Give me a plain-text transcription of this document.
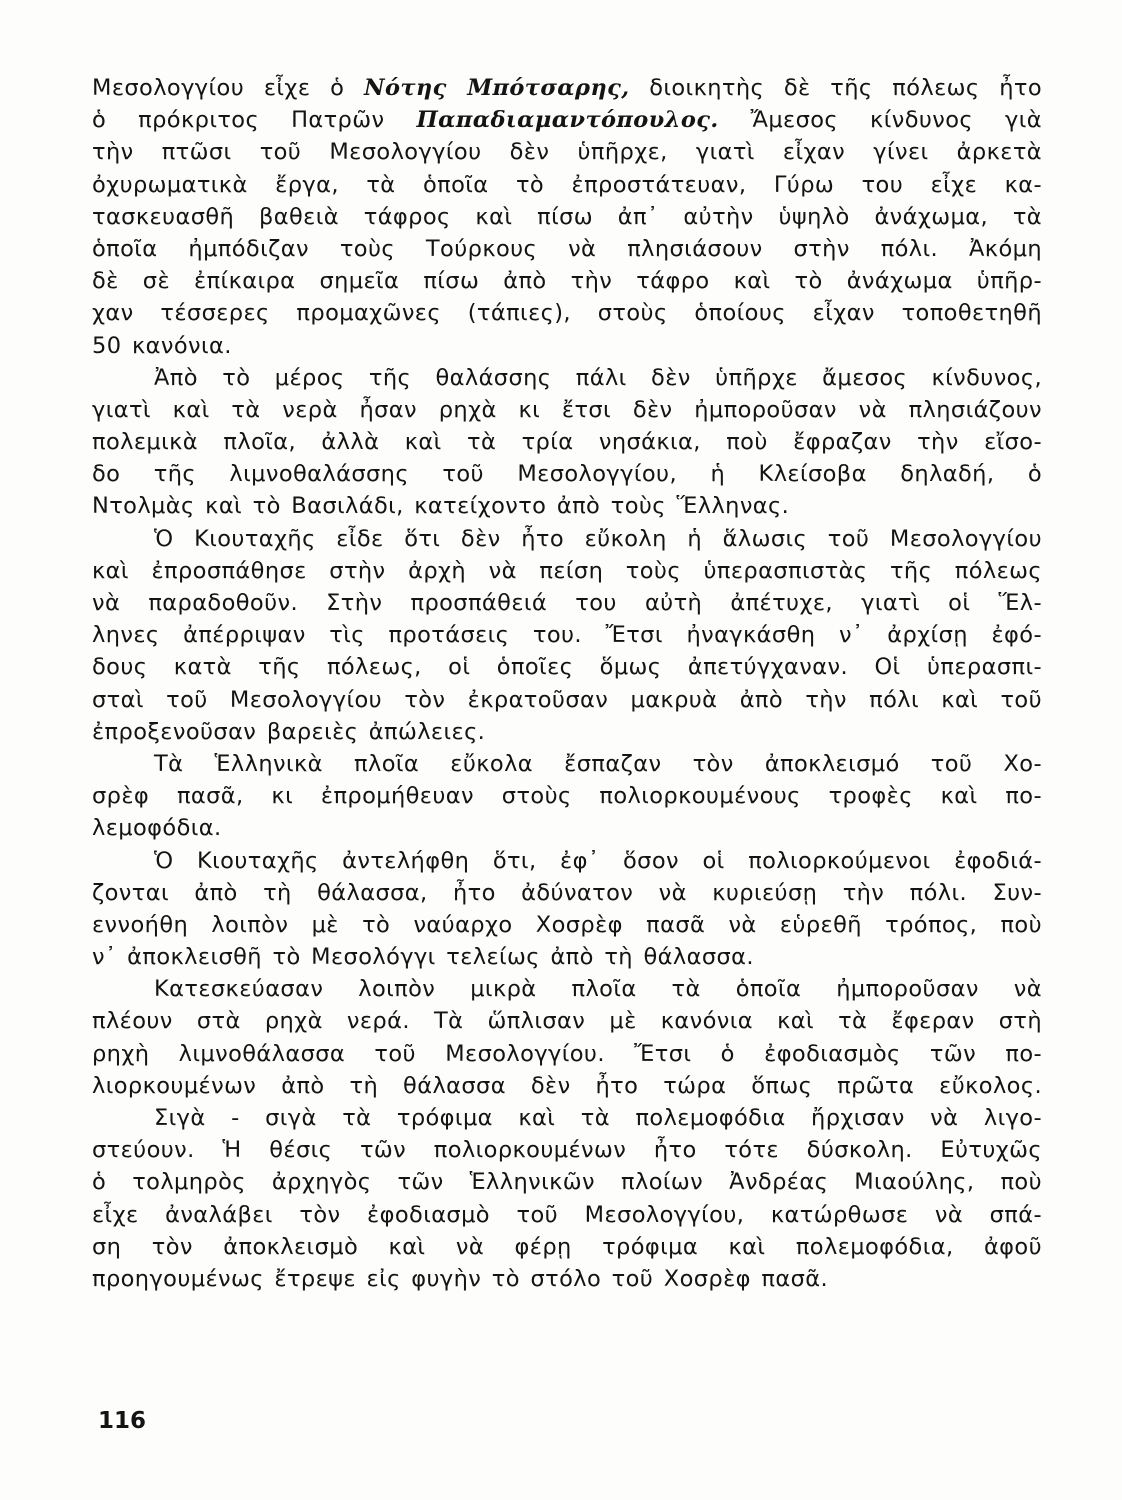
Μεσολογγίου εἶχε ὁ Νότης Μπότσαρης, διοικητὴς δὲ τῆς πόλεως ἦτο
ὁ πρόκριτος Πατρῶν Παπαδιαμαντόπουλος. Ἄμεσος κίνδυνος γιὰ
τὴν πτῶσι τοῦ Μεσολογγίου δὲν ὑπῆρχε, γιατὶ εἶχαν γίνει ἀρκετὰ
ὀχυρωματικὰ ἔργα, τὰ ὁποῖα τὸ ἐπροστάτευαν, Γύρω του εἶχε κα-
τασκευασθῆ βαθειὰ τάφρος καὶ πίσω ἀπ᾽ αὐτὴν ὑψηλὸ ἀνάχωμα, τὰ
ὁποῖα ἠμπόδιζαν τοὺς Τούρκους νὰ πλησιάσουν στὴν πόλι. Ἀκόμη
δὲ σὲ ἐπίκαιρα σημεῖα πίσω ἀπὸ τὴν τάφρο καὶ τὸ ἀνάχωμα ὑπῆρ-
χαν τέσσερες προμαχῶνες (τάπιες), στοὺς ὁποίους εἶχαν τοποθετηθῆ
50 κανόνια.
Ἀπὸ τὸ μέρος τῆς θαλάσσης πάλι δὲν ὑπῆρχε ἄμεσος κίνδυνος,
γιατὶ καὶ τὰ νερὰ ἦσαν ρηχὰ κι ἔτσι δὲν ἠμποροῦσαν νὰ πλησιάζουν
πολεμικὰ πλοῖα, ἀλλὰ καὶ τὰ τρία νησάκια, ποὺ ἔφραζαν τὴν εἴσο-
δο τῆς λιμνοθαλάσσης τοῦ Μεσολογγίου, ἡ Κλείσοβα δηλαδή, ὁ
Ντολμὰς καὶ τὸ Βασιλάδι, κατείχοντο ἀπὸ τοὺς Ἕλληνας.
Ὁ Κιουταχῆς εἶδε ὅτι δὲν ἦτο εὔκολη ἡ ἅλωσις τοῦ Μεσολογγίου
καὶ ἐπροσπάθησε στὴν ἀρχὴ νὰ πείση τοὺς ὑπερασπιστὰς τῆς πόλεως
νὰ παραδοθοῦν. Στὴν προσπάθειά του αὐτὴ ἀπέτυχε, γιατὶ οἱ Ἕλ-
ληνες ἀπέρριψαν τὶς προτάσεις του. Ἔτσι ἠναγκάσθη ν᾽ ἀρχίσῃ ἐφό-
δους κατὰ τῆς πόλεως, οἱ ὁποῖες ὅμως ἀπετύγχαναν. Οἱ ὑπερασπι-
σταὶ τοῦ Μεσολογγίου τὸν ἐκρατοῦσαν μακρυὰ ἀπὸ τὴν πόλι καὶ τοῦ
ἐπροξενοῦσαν βαρειὲς ἀπώλειες.
Τὰ Ἑλληνικὰ πλοῖα εὔκολα ἔσπαζαν τὸν ἀποκλεισμό τοῦ Χο-
σρὲφ πασᾶ, κι ἐπρομήθευαν στοὺς πολιορκουμένους τροφὲς καὶ πο-
λεμοφόδια.
Ὁ Κιουταχῆς ἀντελήφθη ὅτι, ἐφ᾽ ὅσον οἱ πολιορκούμενοι ἐφοδιά-
ζονται ἀπὸ τὴ θάλασσα, ἦτο ἀδύνατον νὰ κυριεύσῃ τὴν πόλι. Συν-
εννοήθη λοιπὸν μὲ τὸ ναύαρχο Χοσρὲφ πασᾶ νὰ εὑρεθῆ τρόπος, ποὺ
ν᾽ ἀποκλεισθῆ τὸ Μεσολόγγι τελείως ἀπὸ τὴ θάλασσα.
Κατεσκεύασαν λοιπὸν μικρὰ πλοῖα τὰ ὁποῖα ἠμποροῦσαν νὰ
πλέουν στὰ ρηχὰ νερά. Τὰ ὥπλισαν μὲ κανόνια καὶ τὰ ἔφεραν στὴ
ρηχὴ λιμνοθάλασσα τοῦ Μεσολογγίου. Ἔτσι ὁ ἐφοδιασμὸς τῶν πο-
λιορκουμένων ἀπὸ τὴ θάλασσα δὲν ἦτο τώρα ὅπως πρῶτα εὔκολος.
Σιγὰ - σιγὰ τὰ τρόφιμα καὶ τὰ πολεμοφόδια ἤρχισαν νὰ λιγο-
στεύουν. Ἡ θέσις τῶν πολιορκουμένων ἦτο τότε δύσκολη. Εὐτυχῶς
ὁ τολμηρὸς ἀρχηγὸς τῶν Ἑλληνικῶν πλοίων Ἀνδρέας Μιαούλης, ποὺ
εἶχε ἀναλάβει τὸν ἐφοδιασμὸ τοῦ Μεσολογγίου, κατώρθωσε νὰ σπά-
ση τὸν ἀποκλεισμὸ καὶ νὰ φέρῃ τρόφιμα καὶ πολεμοφόδια, ἀφοῦ
προηγουμένως ἔτρεψε εἰς φυγὴν τὸ στόλο τοῦ Χοσρὲφ πασᾶ.
116
